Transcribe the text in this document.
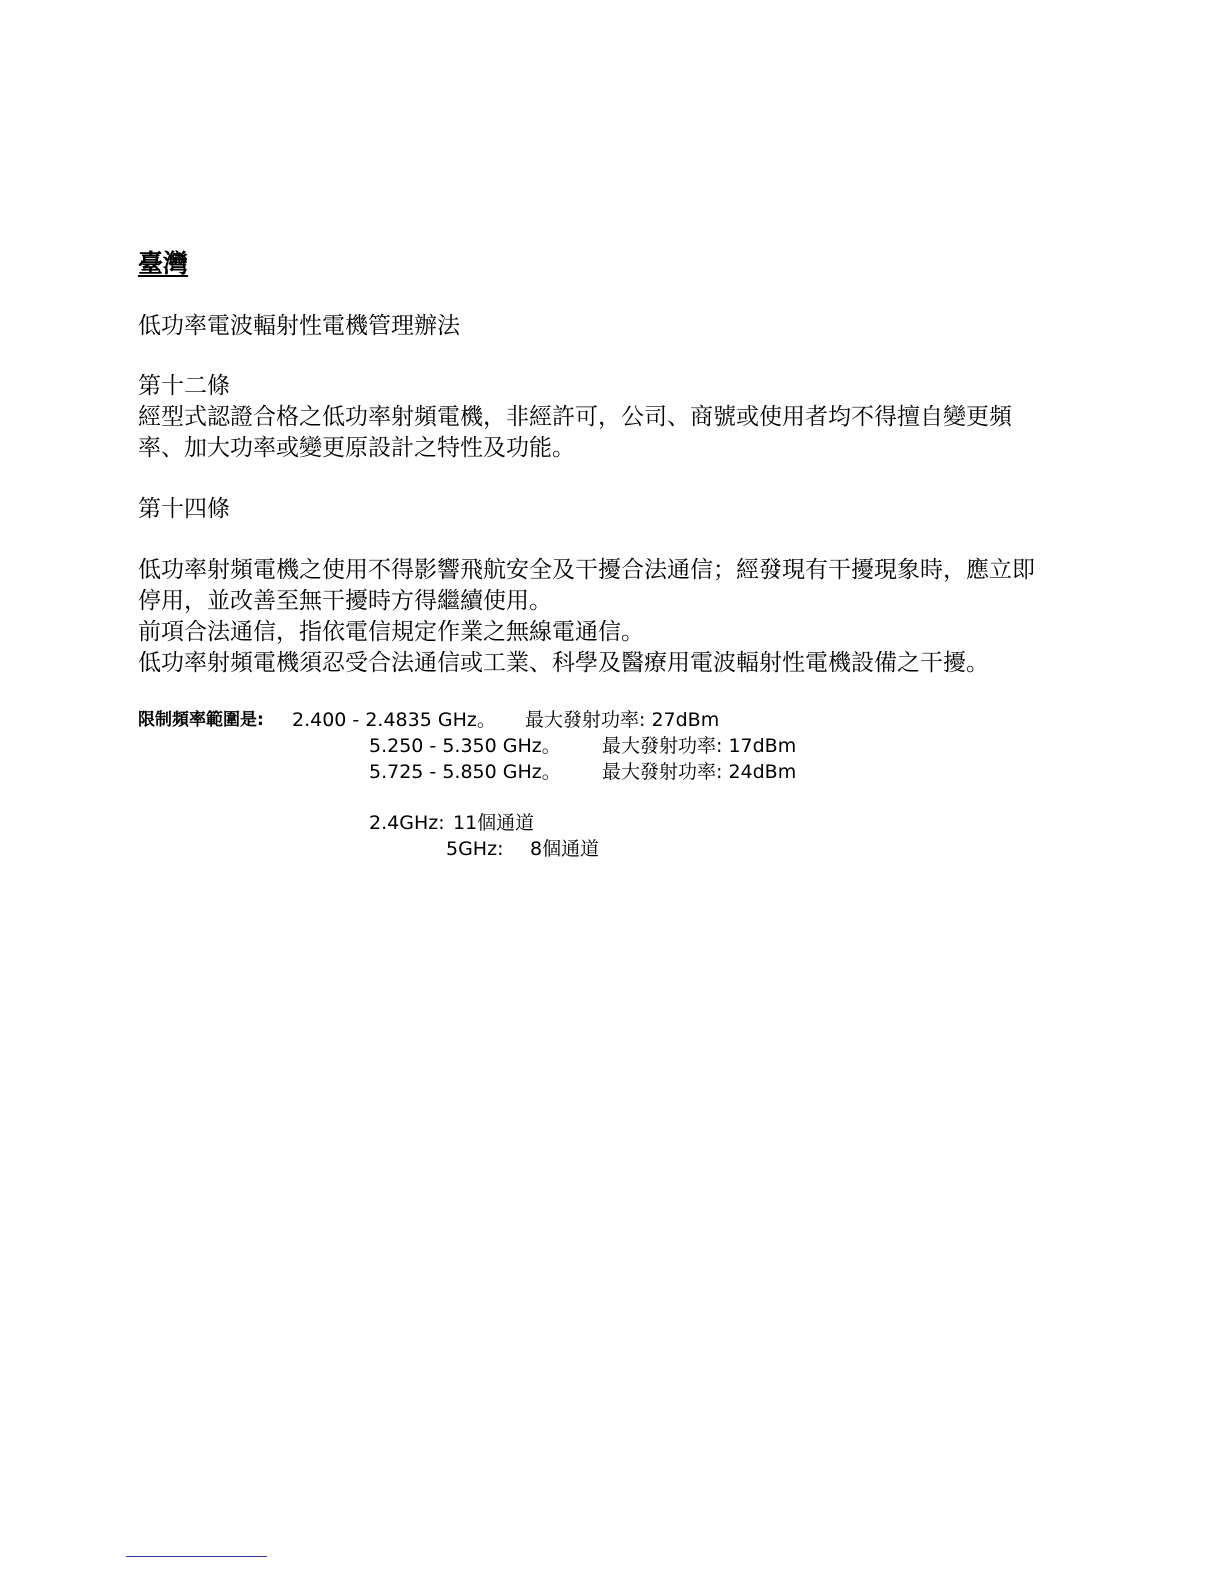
臺灣

低功率電波輻射性電機管理辦法

第十二條

經型式認證合格之低功率射頻電機，非經許可，公司、商號或使用者均不得擅自變更頻

率、加大功率或變更原設計之特性及功能。

第十四條

低功率射頻電機之使用不得影響飛航安全及干擾合法通信；經發現有干擾現象時，應立即

停用，並改善至無干擾時方得繼續使用。

前項合法通信，指依電信規定作業之無線電通信。

低功率射頻電機須忍受合法通信或工業、科學及醫療用電波輻射性電機設備之干擾。

限制頻率範圍是: 2.400 - 2.4835 GHz。 最大發射功率: 27dBm

5.250 - 5.350 GHz。 最大發射功率: 17dBm

5.725 - 5.850 GHz。 最大發射功率: 24dBm

2.4GHz: 11個通道

5GHz: 8個通道
